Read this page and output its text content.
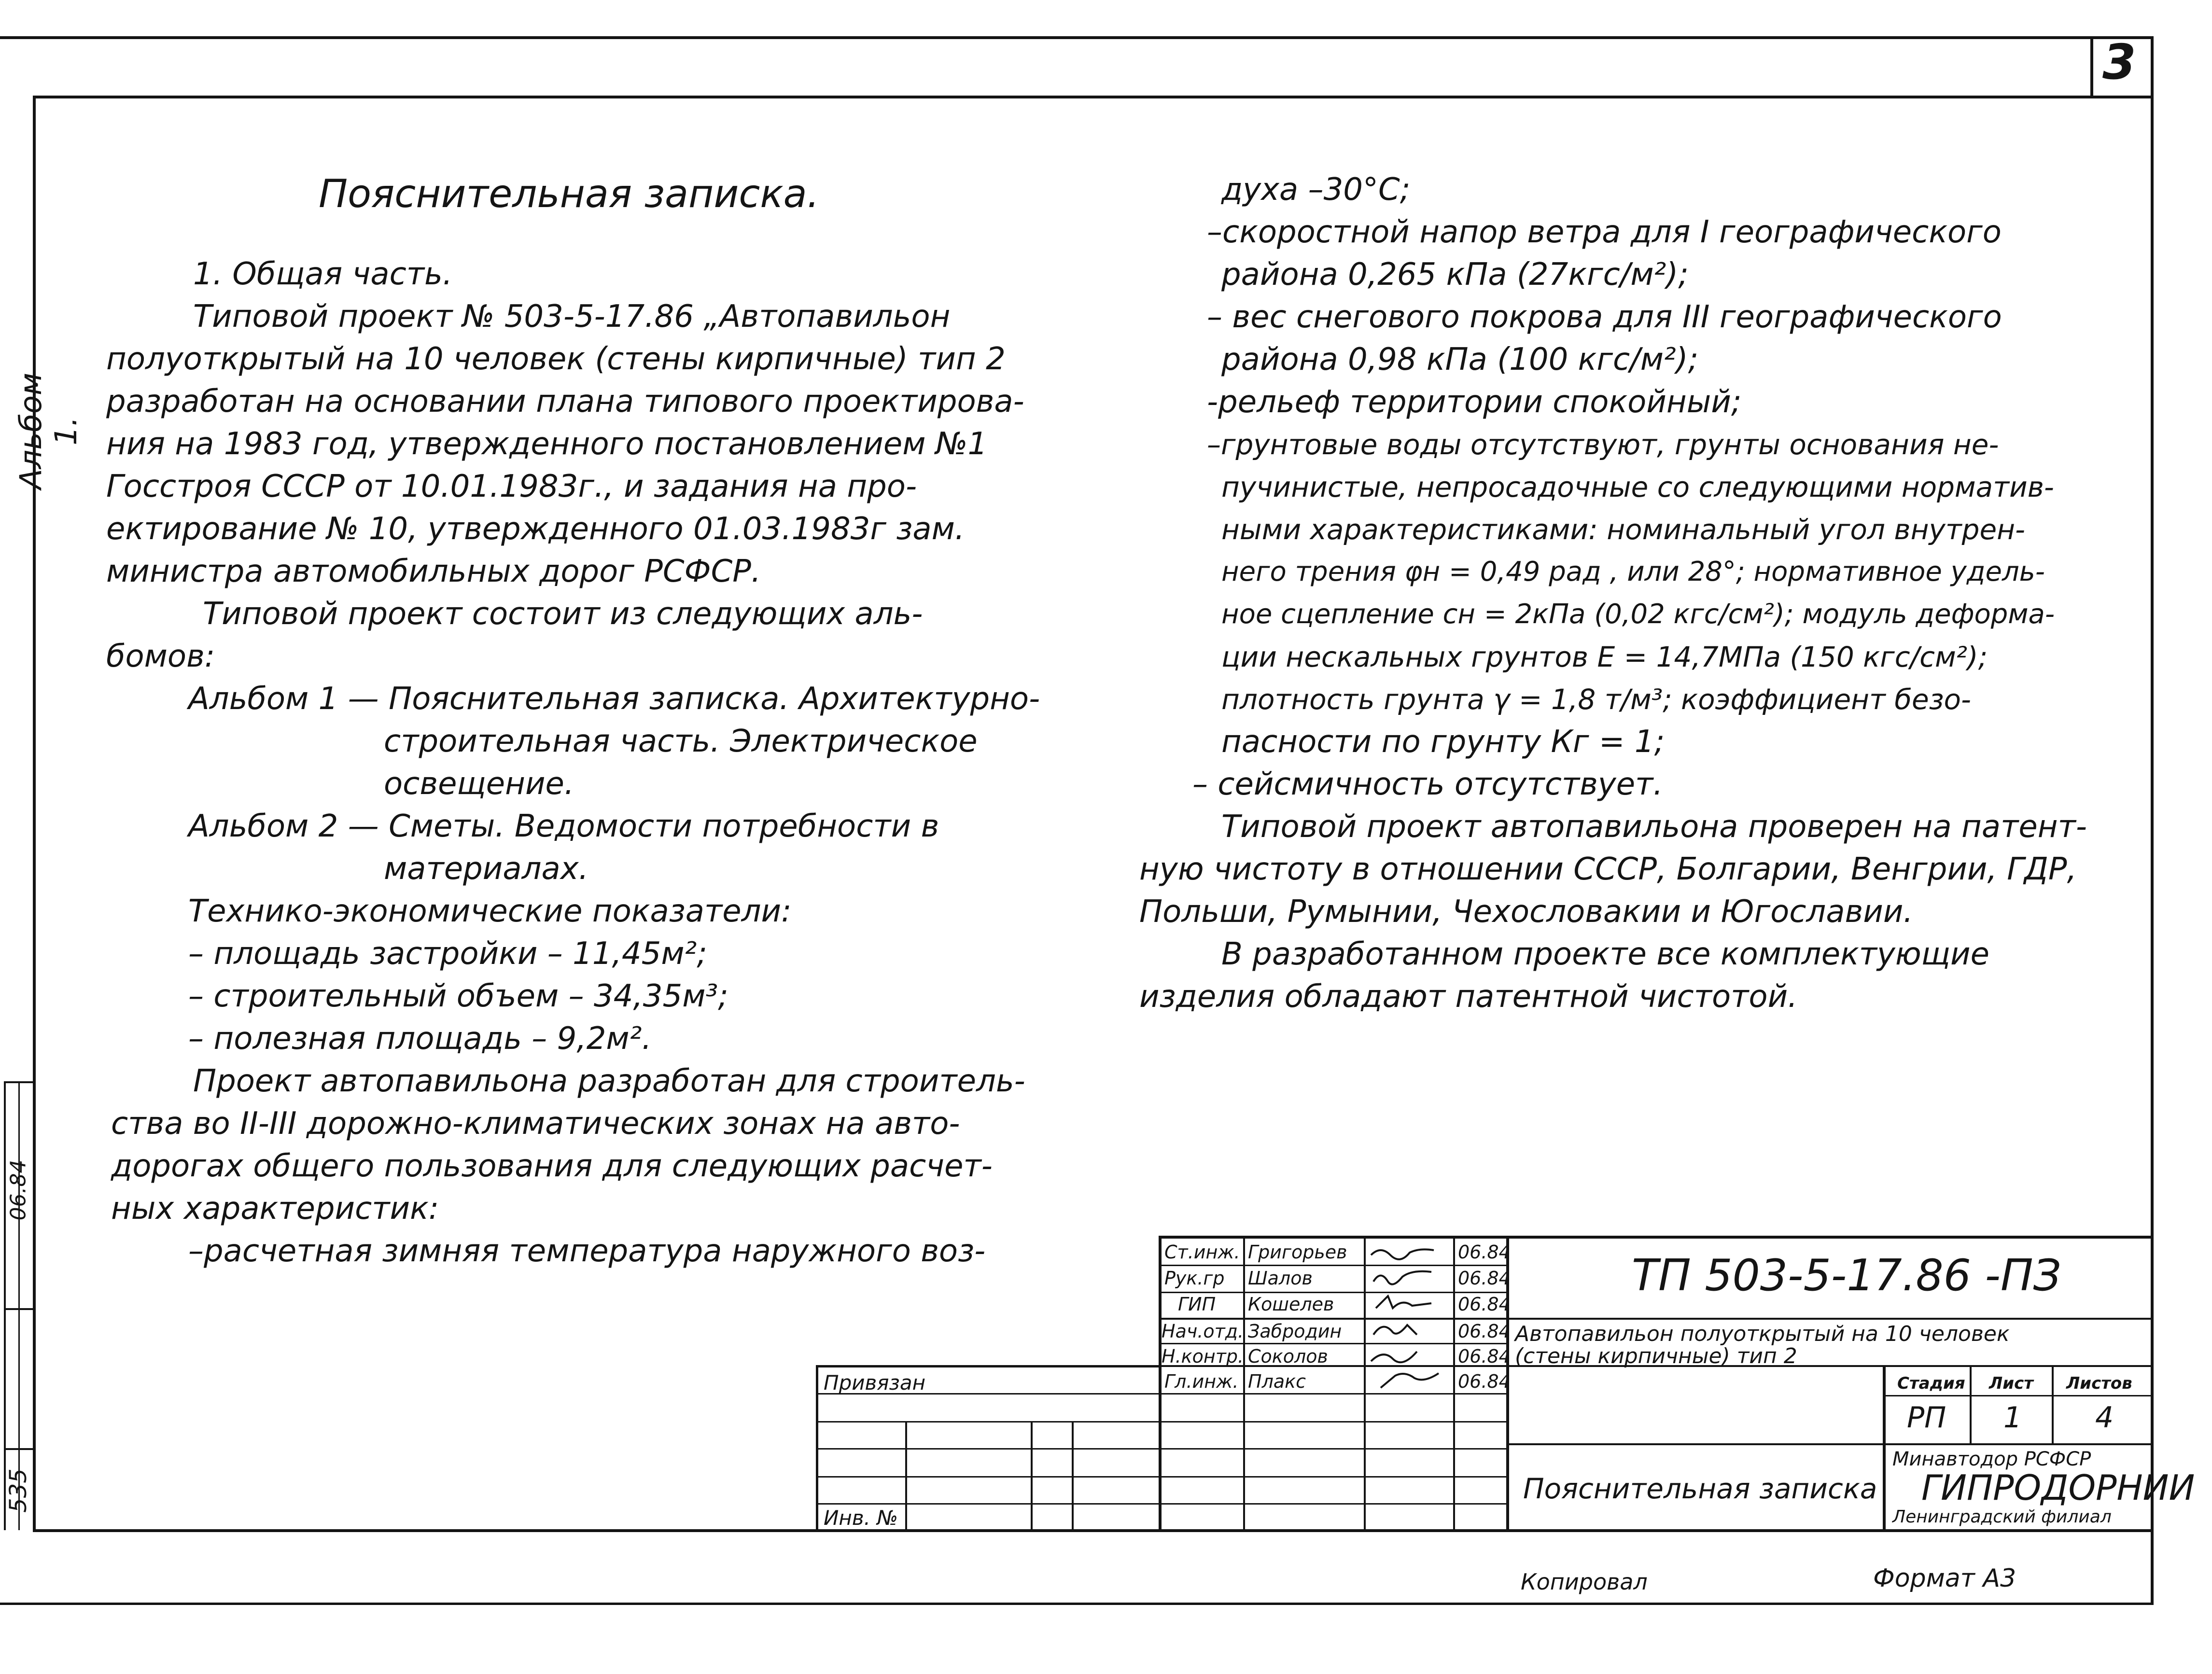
3
Альбом 1.
06.84
535
Пояснительная записка.
1. Общая часть.
Типовой проект № 503-5-17.86 „Автопавильон
полуоткрытый на 10 человек (стены кирпичные) тип 2
разработан на основании плана типового проектирова-
ния на 1983 год, утвержденного постановлением №1
Госстроя СССР от 10.01.1983г., и задания на про-
ектирование № 10, утвержденного 01.03.1983г зам.
министра автомобильных дорог РСФСР.
Типовой проект состоит из следующих аль-
бомов:
Альбом 1 — Пояснительная записка. Архитектурно-
строительная часть. Электрическое
освещение.
Альбом 2 — Сметы. Ведомости потребности в
материалах.
Технико-экономические показатели:
– площадь застройки – 11,45м²;
– строительный объем – 34,35м³;
– полезная площадь – 9,2м².
Проект автопавильона разработан для строитель-
ства во II-III дорожно-климатических зонах на авто-
дорогах общего пользования для следующих расчет-
ных характеристик:
–расчетная зимняя температура наружного воз-
духа –30°С;
–скоростной напор ветра для I географического
района 0,265 кПа (27кгс/м²);
– вес снегового покрова для III географического
района 0,98 кПа (100 кгс/м²);
-рельеф территории спокойный;
–грунтовые воды отсутствуют, грунты основания не-
пучинистые, непросадочные со следующими норматив-
ными характеристиками: номинальный угол внутрен-
него трения φн = 0,49 рад , или 28°; нормативное удель-
ное сцепление сн = 2кПа (0,02 кгс/см²); модуль деформа-
ции нескальных грунтов Е = 14,7МПа (150 кгс/см²);
плотность грунта γ = 1,8 т/м³; коэффициент безо-
пасности по грунту Кг = 1;
– сейсмичность отсутствует.
Типовой проект автопавильона проверен на патент-
ную чистоту в отношении СССР, Болгарии, Венгрии, ГДР,
Польши, Румынии, Чехословакии и Югославии.
В разработанном проекте все комплектующие
изделия обладают патентной чистотой.
Ст.инж. Григорьев	06.84
Рук.гр Шалов	06.84
ГИП Кошелев	06.84
Нач.отд. Забродин	06.84
Н.контр. Соколов	06.84
Гл.инж. Плакс	06.84
Привязан
Инв. №
ТП 503-5-17.86 -ПЗ
Автопавильон полуоткрытый на 10 человек
(стены кирпичные) тип 2
Стадия Лист Листов
РП 1	4
Пояснительная записка
Минавтодор РСФСР
ГИПРОДОРНИИ
Ленинградский филиал
Копировал	Формат А3
